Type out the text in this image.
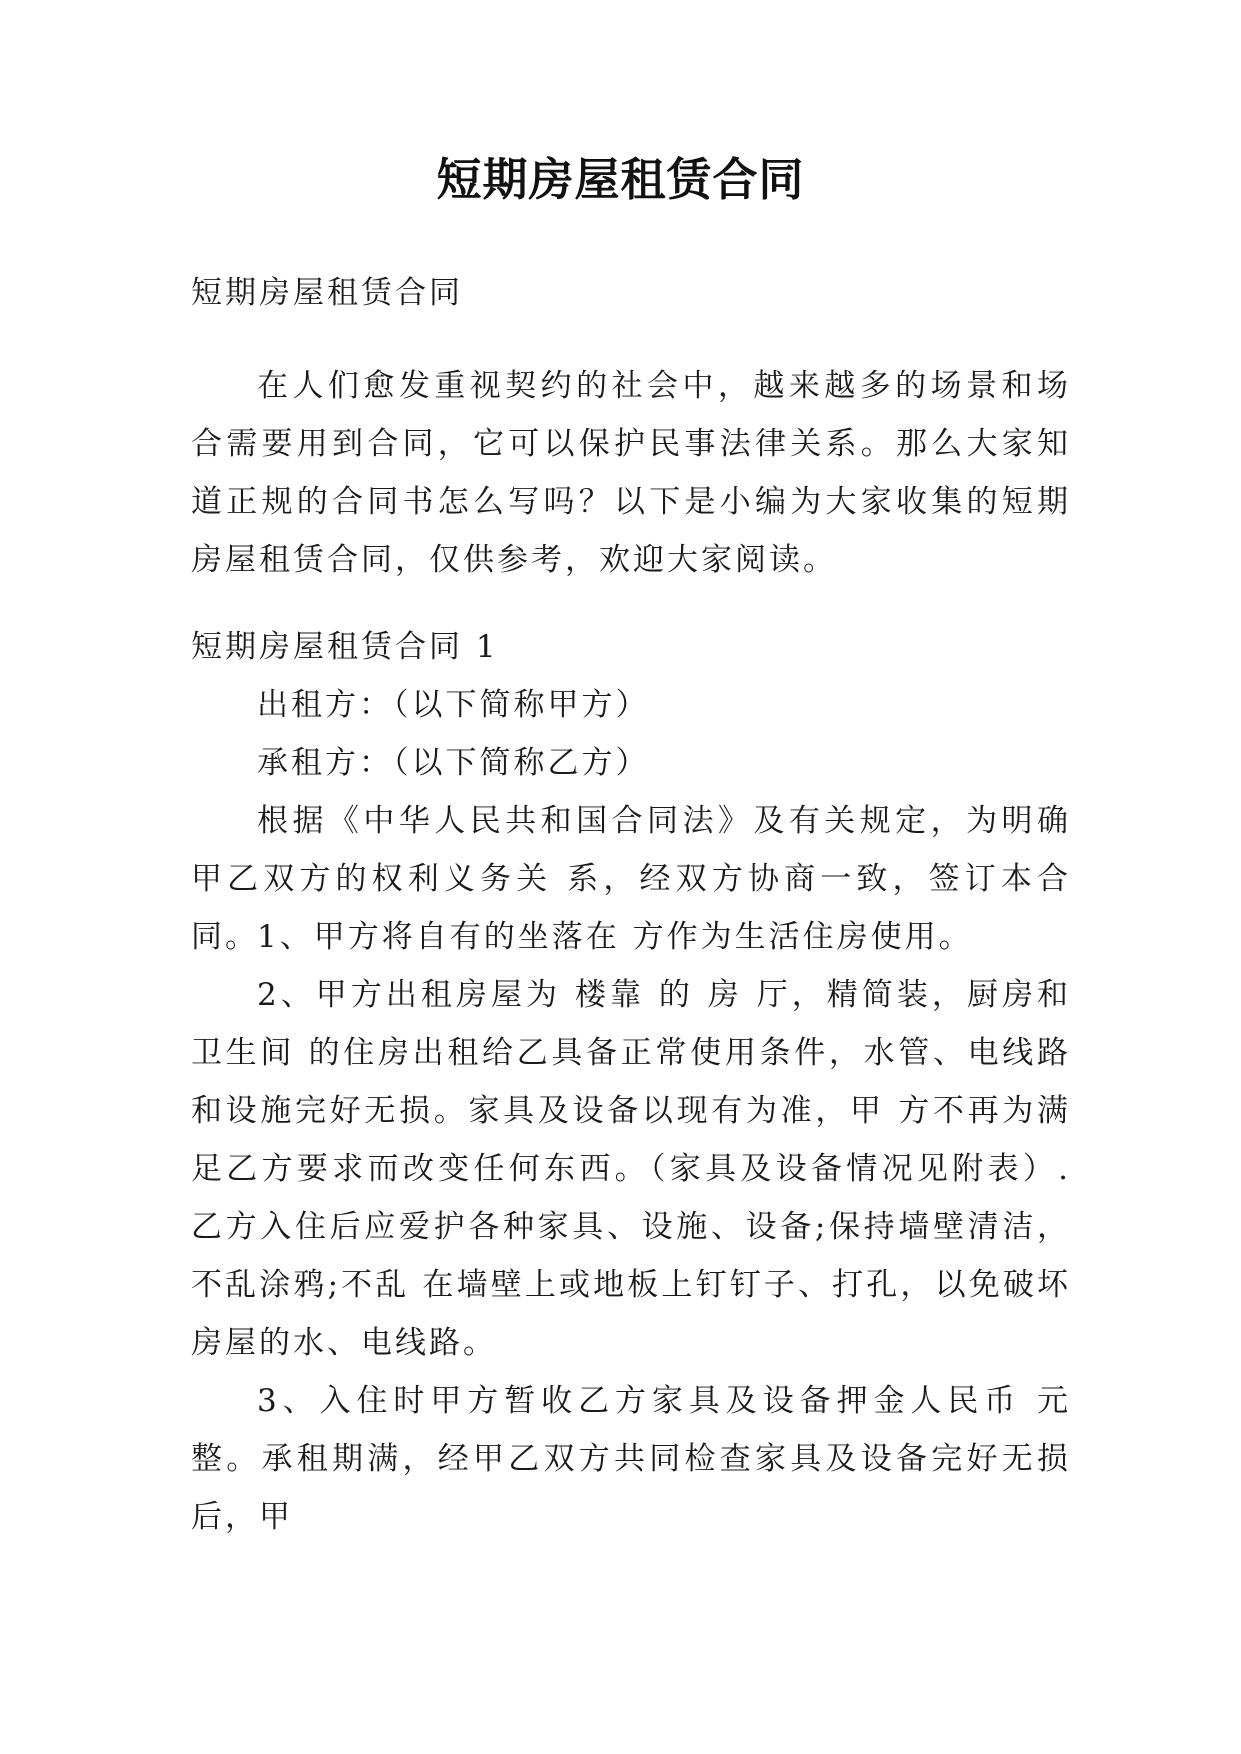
短期房屋租赁合同
短期房屋租赁合同
在人们愈发重视契约的社会中，越来越多的场景和场合需要用到合同，它可以保护民事法律关系。那么大家知道正规的合同书怎么写吗？以下是小编为大家收集的短期房屋租赁合同，仅供参考，欢迎大家阅读。
短期房屋租赁合同 1
出租方：（以下简称甲方）
承租方：（以下简称乙方）
根据《中华人民共和国合同法》及有关规定，为明确甲乙双方的权利义务关 系，经双方协商一致，签订本合同。
1、甲方将自有的坐落在 方作为生活住房使用。
2、甲方出租房屋为 楼靠 的 房 厅，精简装，厨房和卫生间 的住房出租给乙具备正常使用条件，水管、电线路和设施完好无损。家具及设备以现有为准，甲 方不再为满足乙方要求而改变任何东西。（家具及设备情况见附表）.乙方入住后应爱护各种家具、设施、设备;保持墙壁清洁，不乱涂鸦;不乱 在墙壁上或地板上钉钉子、打孔，以免破坏房屋的水、电线路。
3、入住时甲方暂收乙方家具及设备押金人民币 元整。承租期满，经甲乙双方共同检查家具及设备完好无损后，甲
